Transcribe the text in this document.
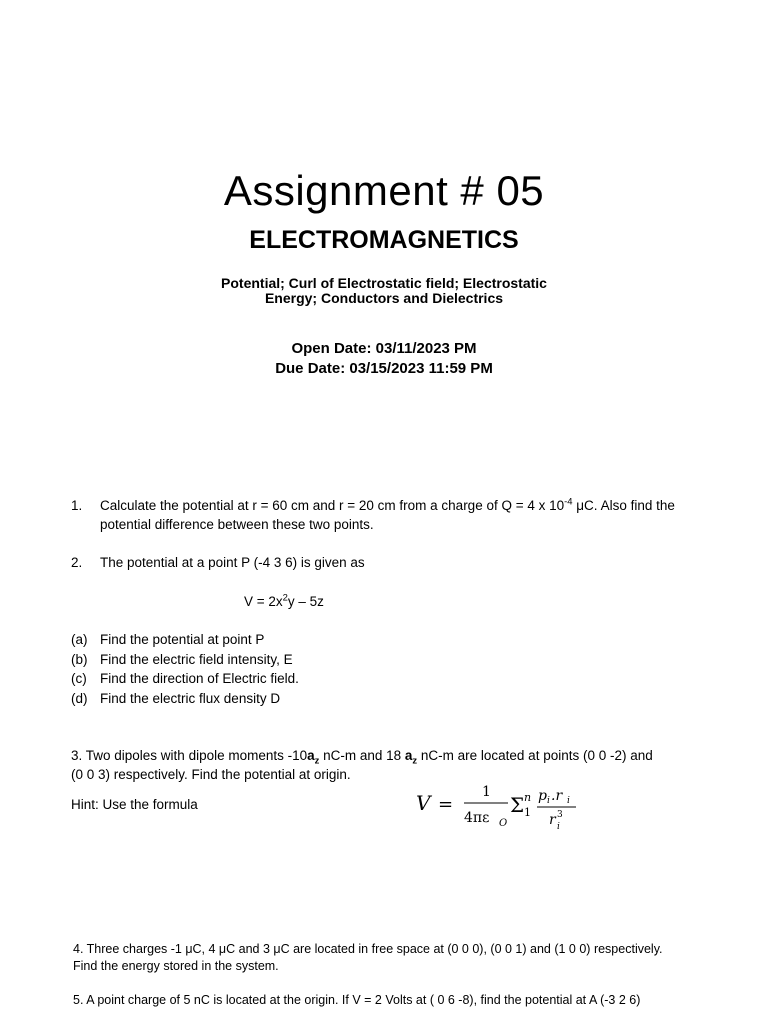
Assignment # 05
ELECTROMAGNETICS
Potential; Curl of Electrostatic field; Electrostatic
Energy; Conductors and Dielectrics
Open Date: 03/11/2023 PM
Due Date: 03/15/2023 11:59 PM
1. Calculate the potential at r = 60 cm and r = 20 cm from a charge of Q = 4 x $10^{-4}$ μC. Also find the
potential difference between these two points.
2. The potential at a point P (-4 3 6) is given as
$V = 2x^2y - 5z$
(a) Find the potential at point P
(b) Find the electric field intensity, E
(c) Find the direction of Electric field.
(d) Find the electric flux density D
3. Two dipoles with dipole moments $-10a_z$ nC-m and 18 $a_z$ nC-m are located at points (0 0 -2) and
(0 0 3) respectively. Find the potential at origin.
Hint: Use the formula	V =
1
4πε O
Σ n
1
p i .r i
r 3
i
4. Three charges -1 μC, 4 μC and 3 μC are located in free space at (0 0 0), (0 0 1) and (1 0 0) respectively.
Find the energy stored in the system.
5. A point charge of 5 nC is located at the origin. If V = 2 Volts at ( 0 6 -8), find the potential at A (-3 2 6)
